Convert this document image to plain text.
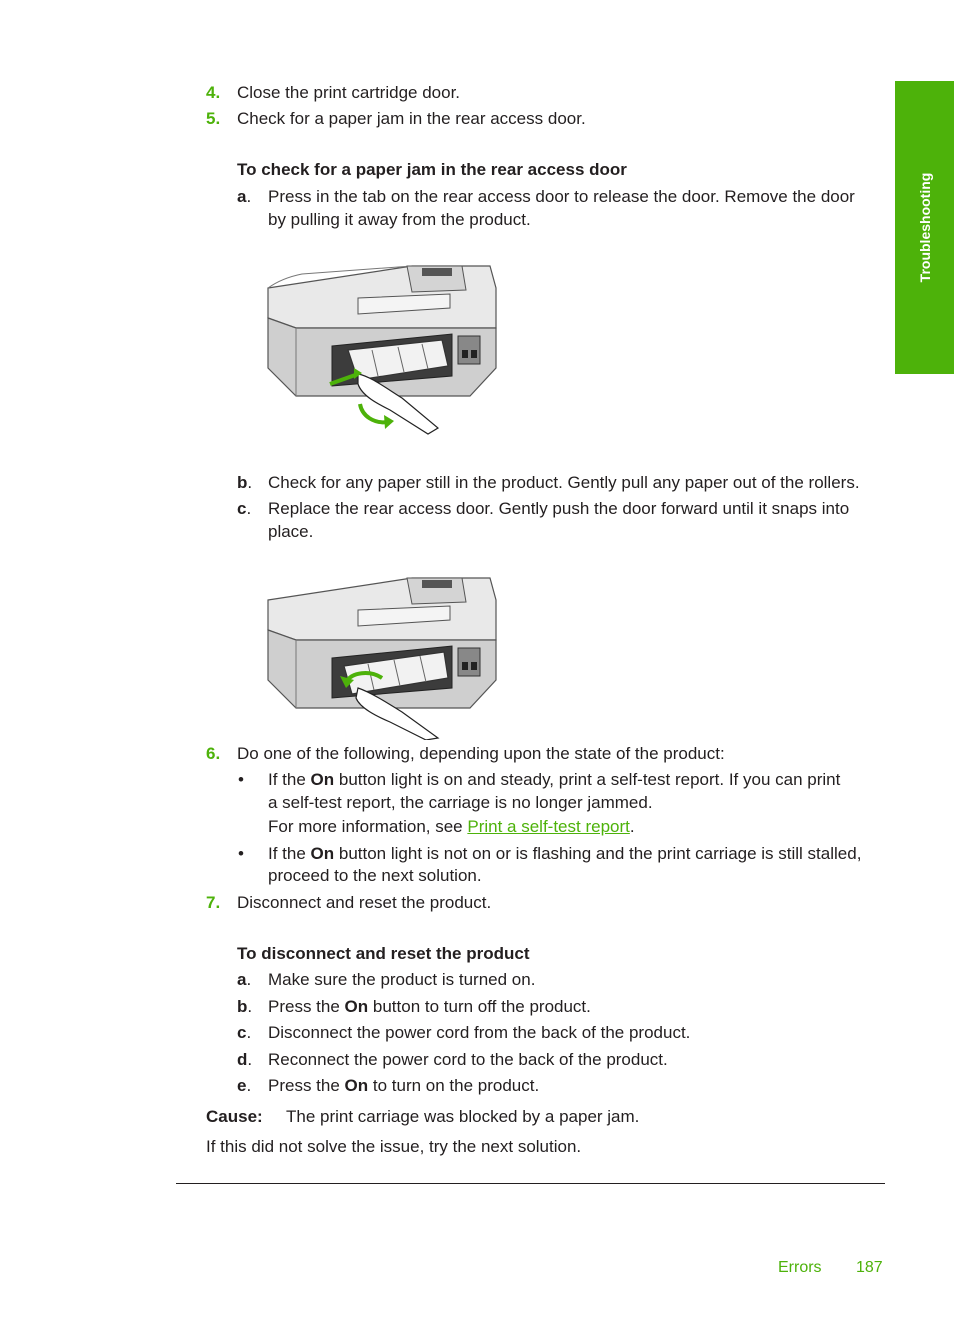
Troubleshooting
4. Close the print cartridge door.
5. Check for a paper jam in the rear access door.
To check for a paper jam in the rear access door
a. Press in the tab on the rear access door to release the door. Remove the door
by pulling it away from the product.
b. Check for any paper still in the product. Gently pull any paper out of the rollers.
c. Replace the rear access door. Gently push the door forward until it snaps into
place.
6. Do one of the following, depending upon the state of the product:
• If the On button light is on and steady, print a self-test report. If you can print
a self-test report, the carriage is no longer jammed.
For more information, see Print a self-test report.
• If the On button light is not on or is flashing and the print carriage is still stalled,
proceed to the next solution.
7. Disconnect and reset the product.
To disconnect and reset the product
a. Make sure the product is turned on.
b. Press the On button to turn off the product.
c. Disconnect the power cord from the back of the product.
d. Reconnect the power cord to the back of the product.
e. Press the On to turn on the product.
Cause: The print carriage was blocked by a paper jam.
If this did not solve the issue, try the next solution.
Errors 187
